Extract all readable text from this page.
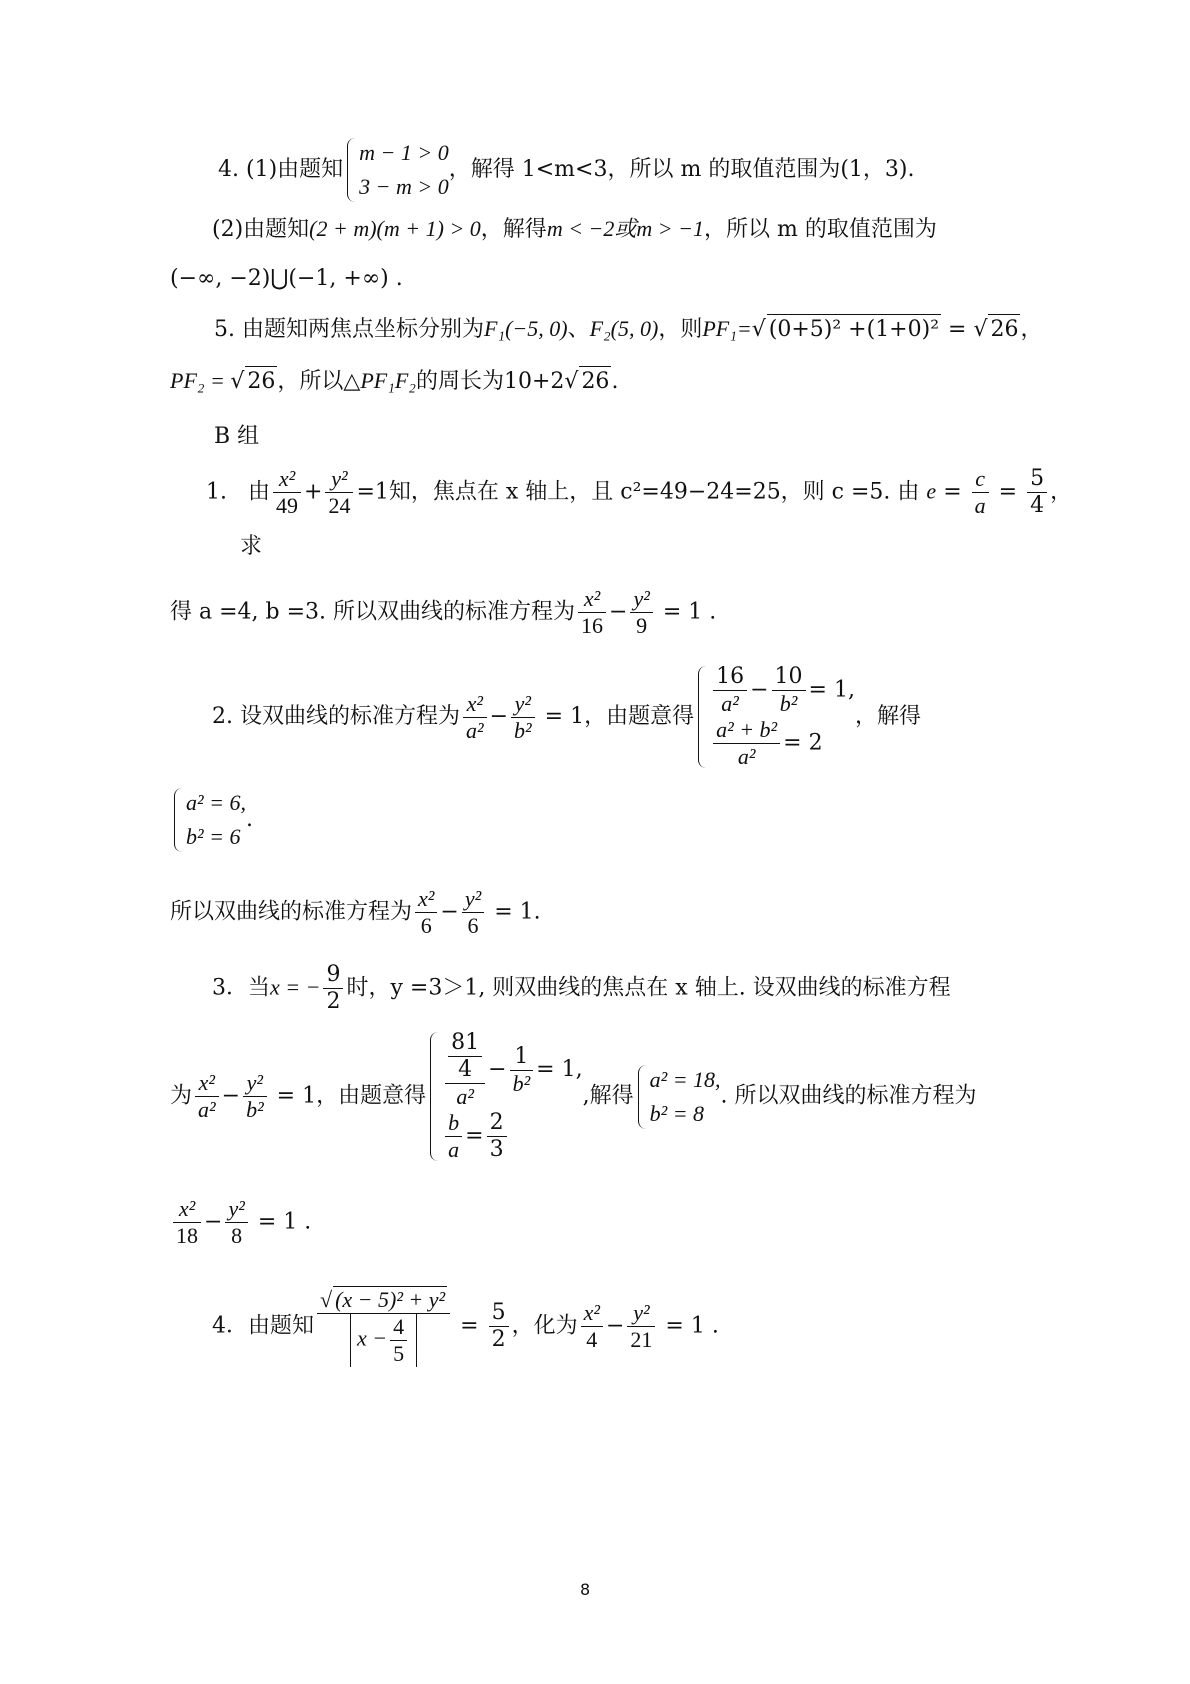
4. (1)由题知
m − 1 > 0
3 − m > 0
，解得 1<m<3，所以 m 的取值范围为(1，3).
(2)由题知(2 + m)(m + 1) > 0，解得m < −2或m > −1，所以 m 的取值范围为
(−∞, −2)⋃(−1, +∞) .
5. 由题知两焦点坐标分别为F₁(−5, 0)、F₂(5, 0)，则PF₁=√ (0+5)² +(1+0)² = √ 26，
PF₂ = √ 26，所以△PF₁F₂的周长为10+2√ 26.
B 组
1. 由 $\frac{\text{x²}}{49} + \frac{\text{y²}}{24} =1$知，焦点在 x 轴上，且 c²=49−24=25，则 c =5. 由 $e = \frac{c}{a} = \frac{5}{4}$ ，
求
得 a =4, b =3. 所以双曲线的标准方程为 $\frac{\text{x²}}{16} - \frac{\text{y²}}{9} = 1$ .
2. 设双曲线的标准方程为 $\frac{\text{x²}}{\text{a²}} - \frac{\text{y²}}{\text{b²}} = 1$，由题意得 $\frac{16}{\text{a²}} - \frac{10}{\text{b²}} = 1$,
$\frac{\text{a² + b²}}{\text{a²}} = 2$
，解得
a² = 6,
b² = 6
.
所以双曲线的标准方程为 $\frac{\text{x²}}{6} - \frac{\text{y²}}{6} = 1$.
3．当x = − $\frac{9}{2}$ 时，y =3＞1, 则双曲线的焦点在 x 轴上. 设双曲线的标准方程
为 $\frac{\text{x²}}{\text{a²}} - \frac{\text{y²}}{\text{b²}} = 1$，由题意得 $\frac{\frac{81}{4}}{\text{a²}} - \frac{1}{\text{b²}} = 1$,
$\frac{b}{a} = \frac{2}{3}$
,解得
a² = 18,
b² = 8
. 所以双曲线的标准方程为
$\frac{\text{x²}}{18} - \frac{\text{y²}}{8} = 1$ .
4．由题知 $\frac{\text{√ (x − 5)² + y²}}{x - \frac{4}{5}} = \frac{5}{2}$ ，化为 $\frac{\text{x²}}{4} - \frac{\text{y²}}{21} = 1$ .
8
